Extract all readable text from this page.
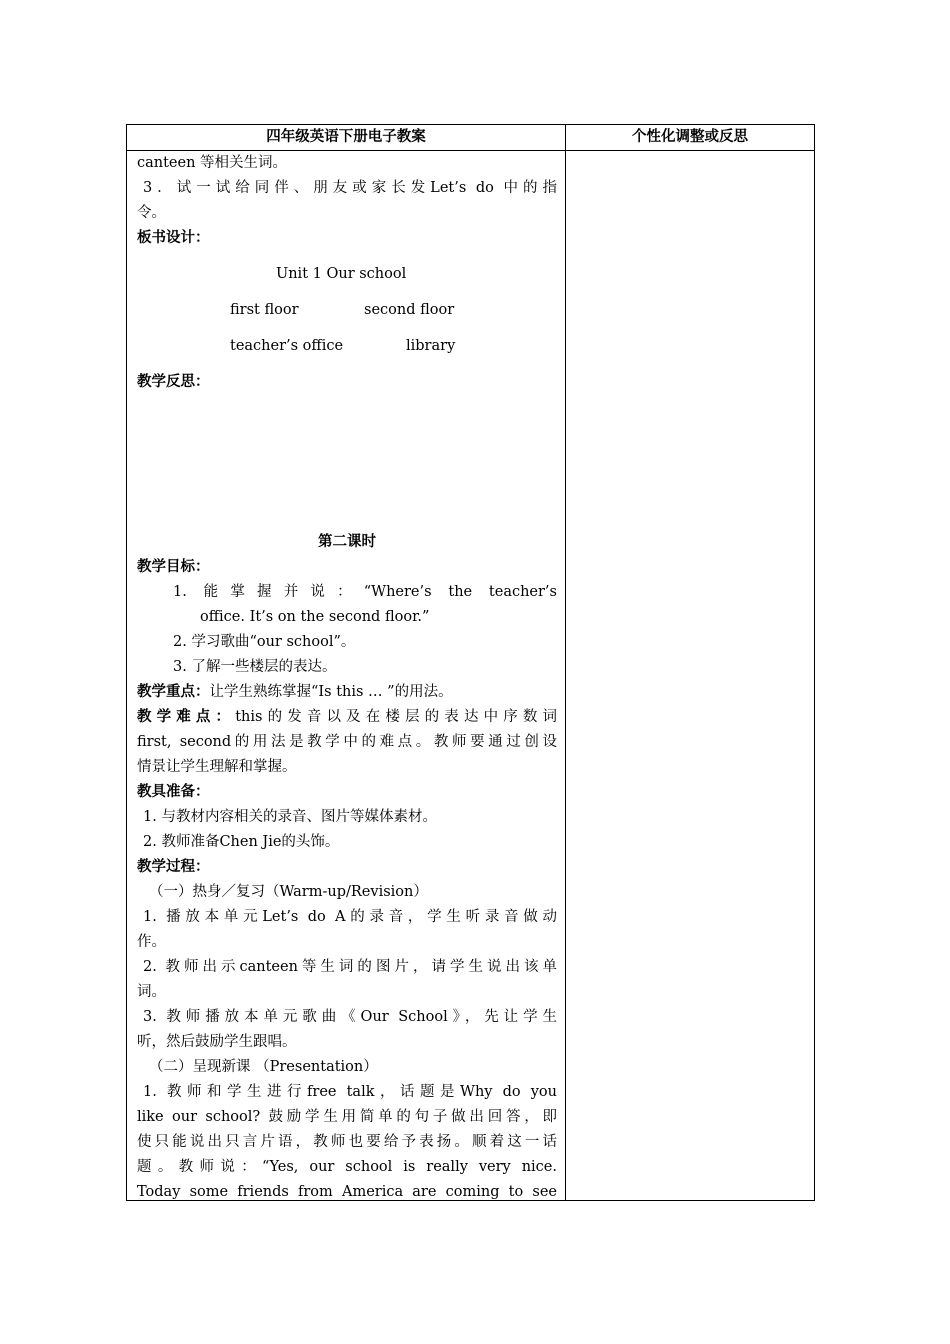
四年级英语下册电子教案	个性化调整或反思
canteen 等相关生词。
3．试一试给同伴、朋友或家长发Let’s do 中的指
令。
板书设计：
Unit 1 Our school
first floor	second floor
teacher’s office	library
教学反思：
第二课时
教学目标：
1. 能掌握并说：“Where’s the teacher’s
office. It’s on the second floor.”
2. 学习歌曲“our school”。
3. 了解一些楼层的表达。
教学重点：让学生熟练掌握“Is this … ”的用法。
教学难点：this的发音以及在楼层的表达中序数词
first, second的用法是教学中的难点。教师要通过创设
情景让学生理解和掌握。
教具准备：
1. 与教材内容相关的录音、图片等媒体素材。
2. 教师准备Chen Jie的头饰。
教学过程：
（一）热身／复习（Warm-up/Revision）
1. 播放本单元Let’s do A的录音，学生听录音做动
作。
2. 教师出示canteen等生词的图片，请学生说出该单
词。
3. 教师播放本单元歌曲《Our School》，先让学生
听，然后鼓励学生跟唱。
（二）呈现新课 （Presentation）
1. 教师和学生进行free talk，话题是Why do you
like our school? 鼓励学生用简单的句子做出回答，即
使只能说出只言片语，教师也要给予表扬。顺着这一话
题。教师说：“Yes, our school is really very nice.
Today some friends from America are coming to see
